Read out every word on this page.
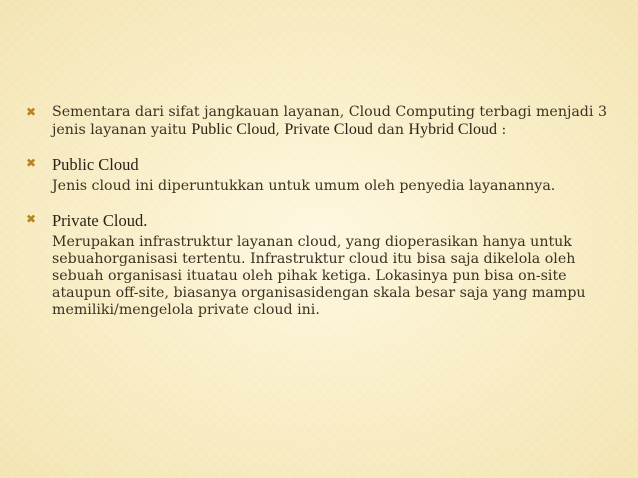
✖ Sementara dari sifat jangkauan layanan, Cloud Computing terbagi menjadi 3 jenis layanan yaitu Public Cloud, Private Cloud dan Hybrid Cloud :

✖ Public Cloud

Jenis cloud ini diperuntukkan untuk umum oleh penyedia layanannya.

✖ Private Cloud.

Merupakan infrastruktur layanan cloud, yang dioperasikan hanya untuk sebuahorganisasi tertentu. Infrastruktur cloud itu bisa saja dikelola oleh sebuah organisasi ituatau oleh pihak ketiga. Lokasinya pun bisa on-site ataupun off-site, biasanya organisasidengan skala besar saja yang mampu memiliki/mengelola private cloud ini.
